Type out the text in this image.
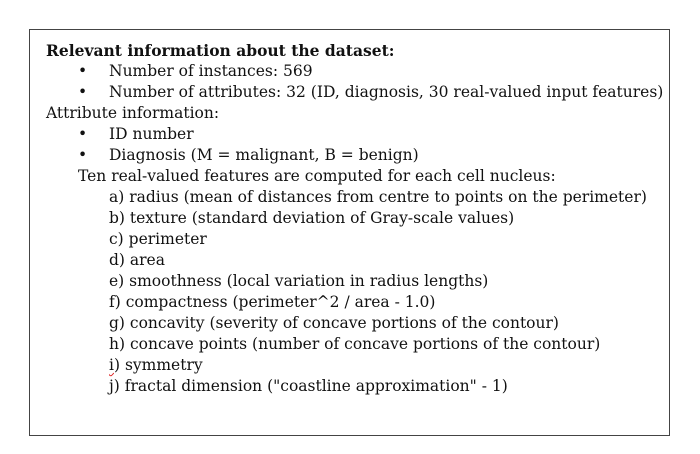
Relevant information about the dataset:
• Number of instances: 569
• Number of attributes: 32 (ID, diagnosis, 30 real-valued input features)
Attribute information:
• ID number
• Diagnosis (M = malignant, B = benign)
Ten real-valued features are computed for each cell nucleus:
a) radius (mean of distances from centre to points on the perimeter)
b) texture (standard deviation of Gray-scale values)
c) perimeter
d) area
e) smoothness (local variation in radius lengths)
f) compactness (perimeter^2 / area - 1.0)
g) concavity (severity of concave portions of the contour)
h) concave points (number of concave portions of the contour)
i) symmetry
j) fractal dimension ("coastline approximation" - 1)
